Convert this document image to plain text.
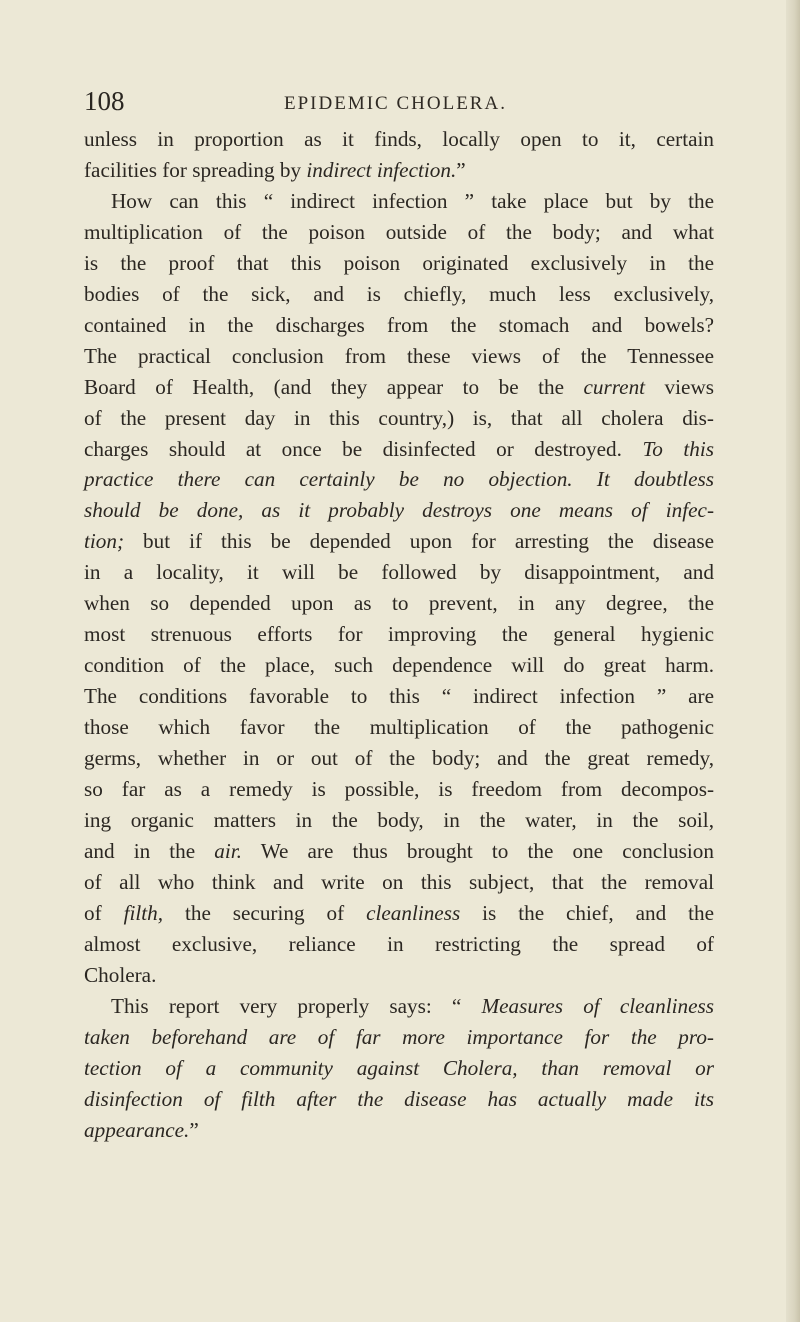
108	EPIDEMIC CHOLERA.
unless in proportion as it finds, locally open to it, certain
facilities for spreading by indirect infection.”
How can this “ indirect infection ” take place but by the
multiplication of the poison outside of the body; and what
is the proof that this poison originated exclusively in the
bodies of the sick, and is chiefly, much less exclusively,
contained in the discharges from the stomach and bowels?
The practical conclusion from these views of the Tennessee
Board of Health, (and they appear to be the current views
of the present day in this country,) is, that all cholera dis-
charges should at once be disinfected or destroyed. To this
practice there can certainly be no objection. It doubtless
should be done, as it probably destroys one means of infec-
tion; but if this be depended upon for arresting the disease
in a locality, it will be followed by disappointment, and
when so depended upon as to prevent, in any degree, the
most strenuous efforts for improving the general hygienic
condition of the place, such dependence will do great harm.
The conditions favorable to this “ indirect infection ” are
those which favor the multiplication of the pathogenic
germs, whether in or out of the body; and the great remedy,
so far as a remedy is possible, is freedom from decompos-
ing organic matters in the body, in the water, in the soil,
and in the air. We are thus brought to the one conclusion
of all who think and write on this subject, that the removal
of filth, the securing of cleanliness is the chief, and the
almost exclusive, reliance in restricting the spread of
Cholera.
This report very properly says: “ Measures of cleanliness
taken beforehand are of far more importance for the pro-
tection of a community against Cholera, than removal or
disinfection of filth after the disease has actually made its
appearance.”
